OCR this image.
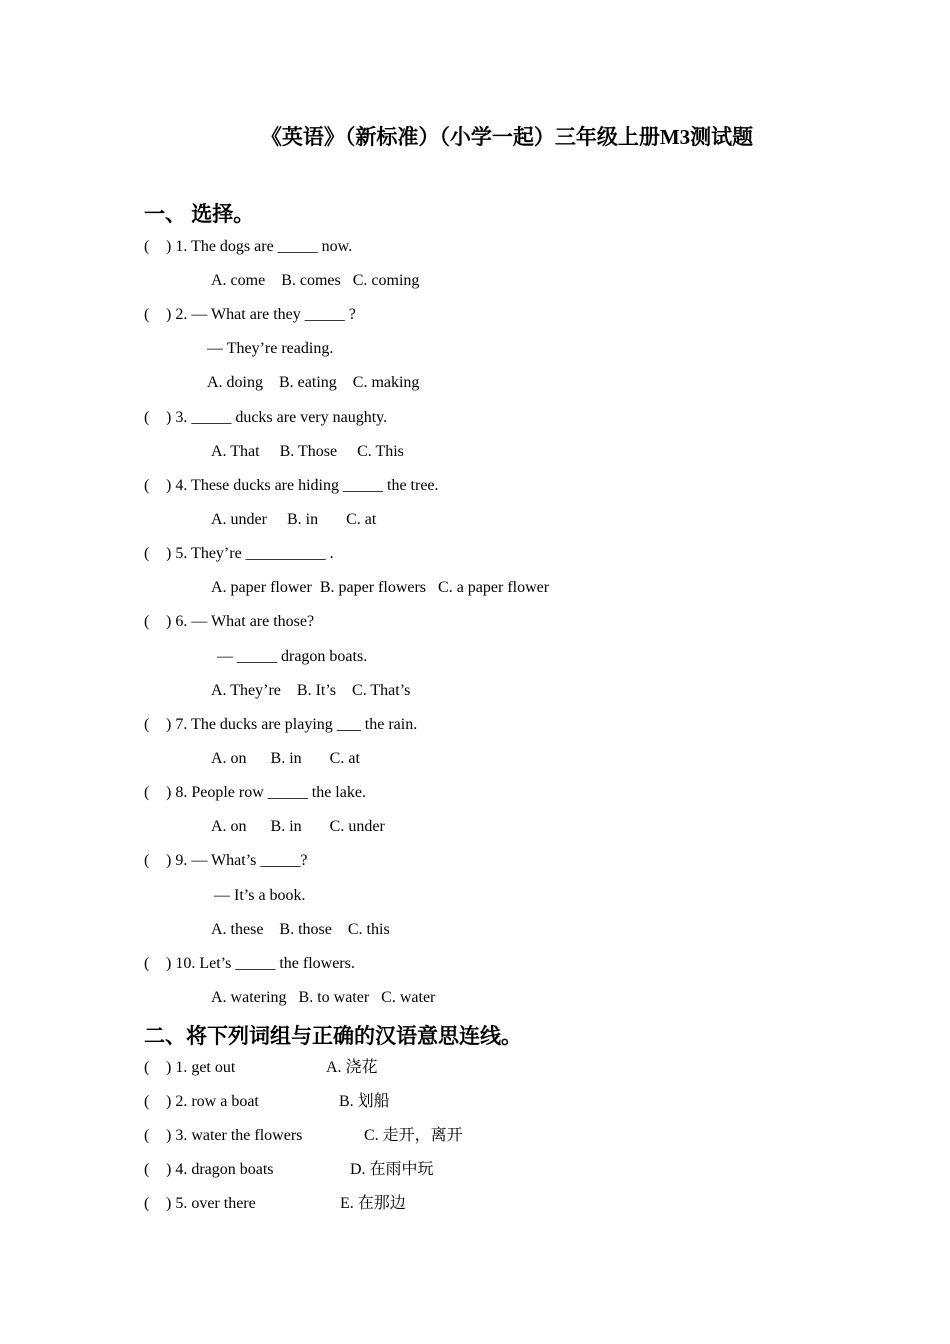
《英语》（新标准）（小学一起）三年级上册M3测试题
一、 选择。
( ) 1. The dogs are _____ now.
A. come    B. comes   C. coming
( ) 2. — What are they _____ ?
— They’re reading.
A. doing    B. eating    C. making
( ) 3. _____ ducks are very naughty.
A. That     B. Those     C. This
( ) 4. These ducks are hiding _____ the tree.
A. under     B. in       C. at
( ) 5. They’re __________ .
A. paper flower  B. paper flowers   C. a paper flower
( ) 6. — What are those?
— _____ dragon boats.
A. They’re    B. It’s    C. That’s
( ) 7. The ducks are playing ___ the rain.
A. on      B. in       C. at
( ) 8. People row _____ the lake.
A. on      B. in       C. under
( ) 9. — What’s _____?
— It’s a book.
A. these    B. those    C. this
( ) 10. Let’s _____ the flowers.
A. watering   B. to water   C. water
二、将下列词组与正确的汉语意思连线。
( ) 1. get out	A. 浇花
( ) 2. row a boat	B. 划船
( ) 3. water the flowers	C. 走开，离开
( ) 4. dragon boats	D. 在雨中玩
( ) 5. over there	E. 在那边
